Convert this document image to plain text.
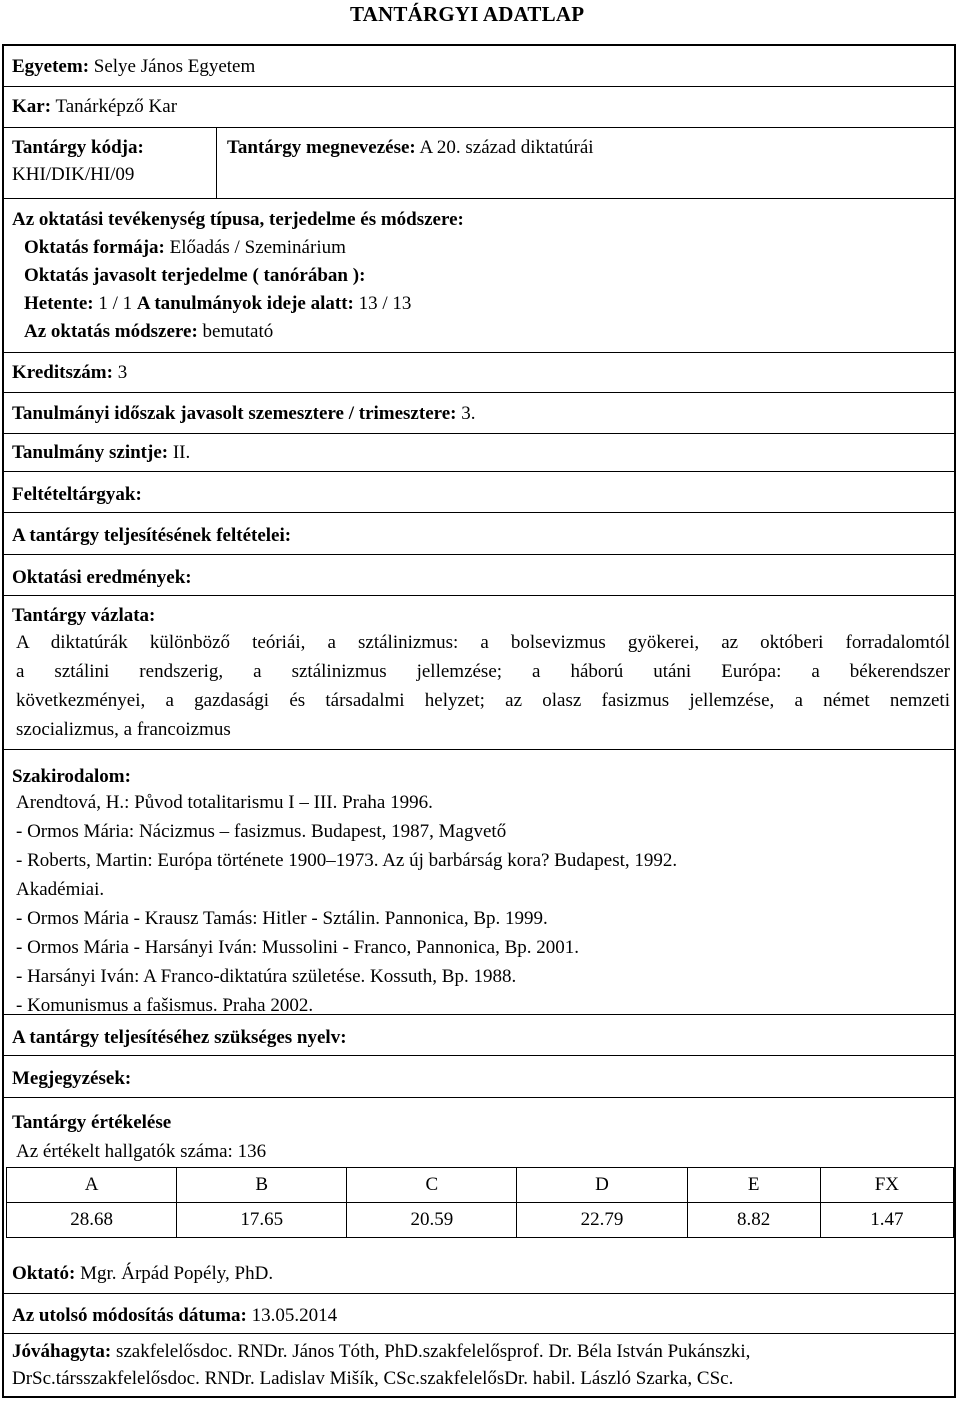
TANTÁRGYI ADATLAP
Egyetem: Selye János Egyetem
Kar: Tanárképző Kar
Tantárgy kódja:
KHI/DIK/HI/09
Tantárgy megnevezése: A 20. század diktatúrái
Az oktatási tevékenység típusa, terjedelme és módszere:
Oktatás formája: Előadás / Szeminárium
Oktatás javasolt terjedelme ( tanórában ):
Hetente: 1 / 1 A tanulmányok ideje alatt: 13 / 13
Az oktatás módszere: bemutató
Kreditszám: 3
Tanulmányi időszak javasolt szemesztere / trimesztere: 3.
Tanulmány szintje: II.
Feltételtárgyak:
A tantárgy teljesítésének feltételei:
Oktatási eredmények:
Tantárgy vázlata:
A diktatúrák különböző teóriái, a sztálinizmus: a bolsevizmus gyökerei, az októberi forradalomtól
a sztálini rendszerig, a sztálinizmus jellemzése; a háború utáni Európa: a békerendszer
következményei, a gazdasági és társadalmi helyzet; az olasz fasizmus jellemzése, a német nemzeti
szocializmus, a francoizmus
Szakirodalom:
Arendtová, H.: Původ totalitarismu I – III. Praha 1996.
- Ormos Mária: Nácizmus – fasizmus. Budapest, 1987, Magvető
- Roberts, Martin: Európa története 1900–1973. Az új barbárság kora? Budapest, 1992.
Akadémiai.
- Ormos Mária - Krausz Tamás: Hitler - Sztálin. Pannonica, Bp. 1999.
- Ormos Mária - Harsányi Iván: Mussolini - Franco, Pannonica, Bp. 2001.
- Harsányi Iván: A Franco-diktatúra születése. Kossuth, Bp. 1988.
- Komunismus a fašismus. Praha 2002.
A tantárgy teljesítéséhez szükséges nyelv:
Megjegyzések:
Tantárgy értékelése
Az értékelt hallgatók száma: 136
A	B	C	D	E	FX
28.68	17.65	20.59	22.79	8.82	1.47
Oktató: Mgr. Árpád Popély, PhD.
Az utolsó módosítás dátuma: 13.05.2014
Jóváhagyta: szakfelelősdoc. RNDr. János Tóth, PhD.szakfelelősprof. Dr. Béla István Pukánszki,
DrSc.társszakfelelősdoc. RNDr. Ladislav Mišík, CSc.szakfelelősDr. habil. László Szarka, CSc.
